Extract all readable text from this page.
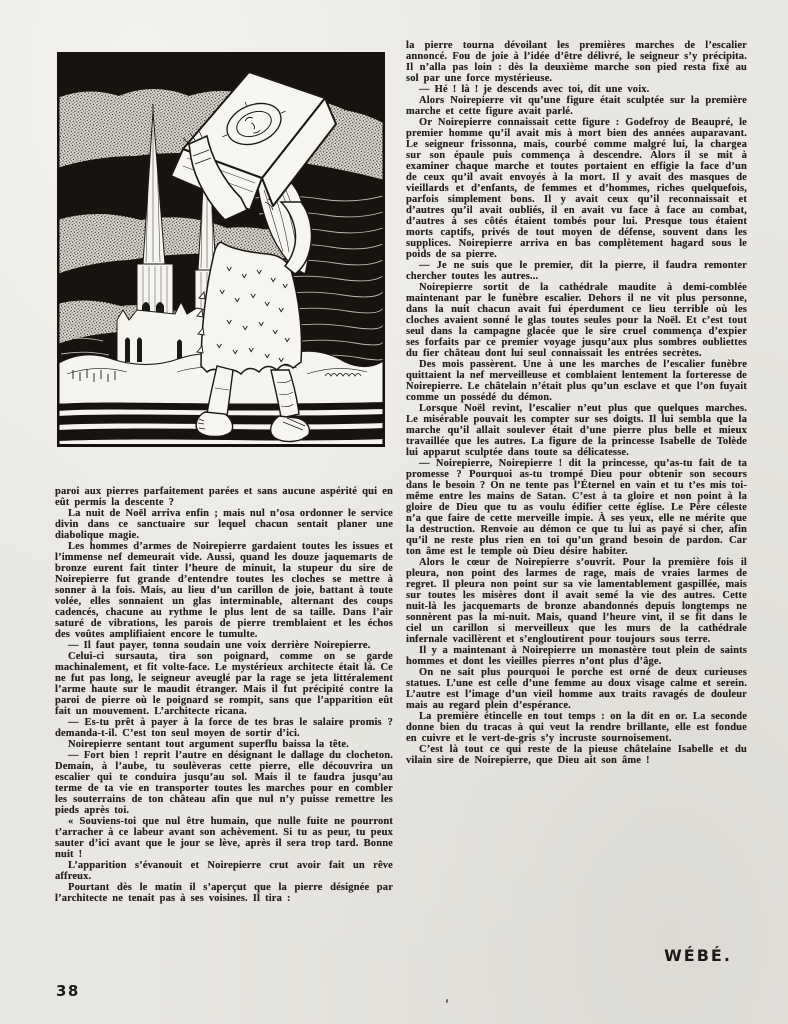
paroi aux pierres parfaitement parées et sans aucune aspérité qui en eût permis la descente ?

La nuit de Noël arriva enfin ; mais nul n’osa ordonner le service divin dans ce sanctuaire sur lequel chacun sentait planer une diabolique magie.

Les hommes d’armes de Noirepierre gardaient toutes les issues et l’immense nef demeurait vide. Aussi, quand les douze jaquemarts de bronze eurent fait tinter l’heure de minuit, la stupeur du sire de Noirepierre fut grande d’entendre toutes les cloches se mettre à sonner à la fois. Mais, au lieu d’un carillon de joie, battant à toute volée, elles sonnaient un glas interminable, alternant des coups cadencés, chacune au rythme le plus lent de sa taille. Dans l’air saturé de vibrations, les parois de pierre tremblaient et les échos des voûtes amplifiaient encore le tumulte.

— Il faut payer, tonna soudain une voix derrière Noirepierre.

Celui-ci sursauta, tira son poignard, comme on se garde machinalement, et fit volte-face. Le mystérieux architecte était là. Ce ne fut pas long, le seigneur aveuglé par la rage se jeta littéralement l’arme haute sur le maudit étranger. Mais il fut précipité contre la paroi de pierre où le poignard se rompit, sans que l’apparition eût fait un mouvement. L’architecte ricana.

— Es-tu prêt à payer à la force de tes bras le salaire promis ? demanda-t-il. C’est ton seul moyen de sortir d’ici.

Noirepierre sentant tout argument superflu baissa la tête.

— Fort bien ! reprit l’autre en désignant le dallage du clocheton. Demain, à l’aube, tu soulèveras cette pierre, elle découvrira un escalier qui te conduira jusqu’au sol. Mais il te faudra jusqu’au terme de ta vie en transporter toutes les marches pour en combler les souterrains de ton château afin que nul n’y puisse remettre les pieds après toi.

« Souviens-toi que nul être humain, que nulle fuite ne pourront t’arracher à ce labeur avant son achèvement. Si tu as peur, tu peux sauter d’ici avant que le jour se lève, après il sera trop tard. Bonne nuit !

L’apparition s’évanouit et Noirepierre crut avoir fait un rêve affreux.

Pourtant dès le matin il s’aperçut que la pierre désignée par l’architecte ne tenait pas à ses voisines. Il tira :

la pierre tourna dévoilant les premières marches de l’escalier annoncé. Fou de joie à l’idée d’être délivré, le seigneur s’y précipita. Il n’alla pas loin : dès la deuxième marche son pied resta fixé au sol par une force mystérieuse.

— Hé ! là ! je descends avec toi, dit une voix.

Alors Noirepierre vit qu’une figure était sculptée sur la première marche et cette figure avait parlé.

Or Noirepierre connaissait cette figure : Godefroy de Beaupré, le premier homme qu’il avait mis à mort bien des années auparavant. Le seigneur frissonna, mais, courbé comme malgré lui, la chargea sur son épaule puis commença à descendre. Alors il se mit à examiner chaque marche et toutes portaient en effigie la face d’un de ceux qu’il avait envoyés à la mort. Il y avait des masques de vieillards et d’enfants, de femmes et d’hommes, riches quelquefois, parfois simplement bons. Il y avait ceux qu’il reconnaissait et d’autres qu’il avait oubliés, il en avait vu face à face au combat, d’autres à ses côtés étaient tombés pour lui. Presque tous étaient morts captifs, privés de tout moyen de défense, souvent dans les supplices. Noirepierre arriva en bas complètement hagard sous le poids de sa pierre.

— Je ne suis que le premier, dit la pierre, il faudra remonter chercher toutes les autres...

Noirepierre sortit de la cathédrale maudite à demi-comblée maintenant par le funèbre escalier. Dehors il ne vit plus personne, dans la nuit chacun avait fui éperdument ce lieu terrible où les cloches avaient sonné le glas toutes seules pour la Noël. Et c’est tout seul dans la campagne glacée que le sire cruel commença d’expier ses forfaits par ce premier voyage jusqu’aux plus sombres oubliettes du fier château dont lui seul connaissait les entrées secrètes.

Des mois passèrent. Une à une les marches de l’escalier funèbre quittaient la nef merveilleuse et comblaient lentement la forteresse de Noirepierre. Le châtelain n’était plus qu’un esclave et que l’on fuyait comme un possédé du démon.

Lorsque Noël revint, l’escalier n’eut plus que quelques marches. Le misérable pouvait les compter sur ses doigts. Il lui sembla que la marche qu’il allait soulever était d’une pierre plus belle et mieux travaillée que les autres. La figure de la princesse Isabelle de Tolède lui apparut sculptée dans toute sa délicatesse.

— Noirepierre, Noirepierre ! dit la princesse, qu’as-tu fait de ta promesse ? Pourquoi as-tu trompé Dieu pour obtenir son secours dans le besoin ? On ne tente pas l’Éternel en vain et tu t’es mis toi-même entre les mains de Satan. C’est à ta gloire et non point à la gloire de Dieu que tu as voulu édifier cette église. Le Père céleste n’a que faire de cette merveille impie. À ses yeux, elle ne mérite que la destruction. Renvoie au démon ce que tu lui as payé si cher, afin qu’il ne reste plus rien en toi qu’un grand besoin de pardon. Car ton âme est le temple où Dieu désire habiter.

Alors le cœur de Noirepierre s’ouvrit. Pour la première fois il pleura, non point des larmes de rage, mais de vraies larmes de regret. Il pleura non point sur sa vie lamentablement gaspillée, mais sur toutes les misères dont il avait semé la vie des autres. Cette nuit-là les jacquemarts de bronze abandonnés depuis longtemps ne sonnèrent pas la mi-nuit. Mais, quand l’heure vint, il se fit dans le ciel un carillon si merveilleux que les murs de la cathédrale infernale vacillèrent et s’engloutirent pour toujours sous terre.

Il y a maintenant à Noirepierre un monastère tout plein de saints hommes et dont les vieilles pierres n’ont plus d’âge.

On ne sait plus pourquoi le porche est orné de deux curieuses statues. L’une est celle d’une femme au doux visage calme et serein. L’autre est l’image d’un vieil homme aux traits ravagés de douleur mais au regard plein d’espérance.

La première étincelle en tout temps : on la dit en or. La seconde donne bien du tracas à qui veut la rendre brillante, elle est fondue en cuivre et le vert-de-gris s’y incruste sournoisement.

C’est là tout ce qui reste de la pieuse châtelaine Isabelle et du vilain sire de Noirepierre, que Dieu ait son âme !

WÉBÉ.
38
